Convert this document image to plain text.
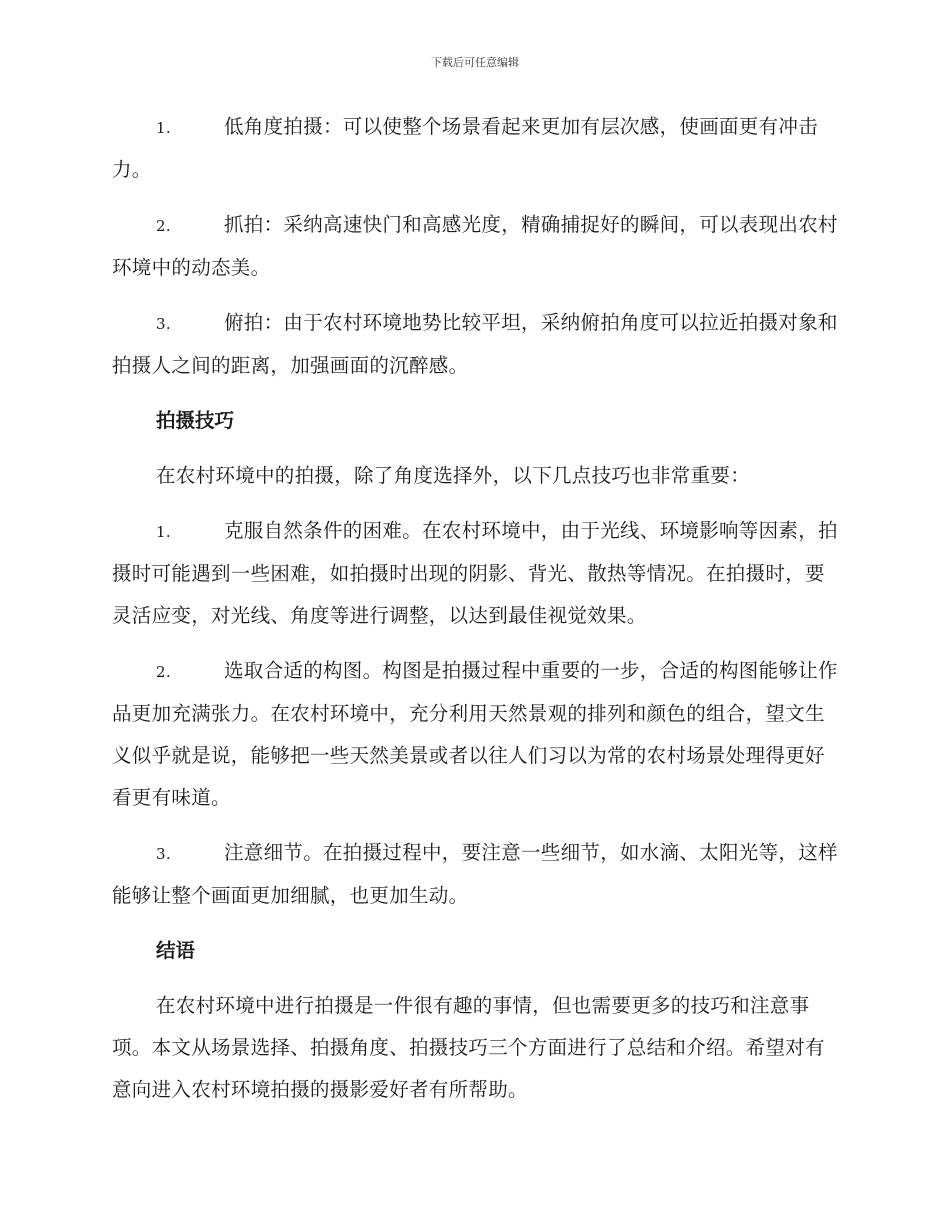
下载后可任意编辑
1.	低角度拍摄：可以使整个场景看起来更加有层次感，使画面更有冲击力。
2.	抓拍：采纳高速快门和高感光度，精确捕捉好的瞬间，可以表现出农村环境中的动态美。
3.	俯拍：由于农村环境地势比较平坦，采纳俯拍角度可以拉近拍摄对象和拍摄人之间的距离，加强画面的沉醉感。
拍摄技巧
在农村环境中的拍摄，除了角度选择外，以下几点技巧也非常重要：
1.	克服自然条件的困难。在农村环境中，由于光线、环境影响等因素，拍摄时可能遇到一些困难，如拍摄时出现的阴影、背光、散热等情况。在拍摄时，要灵活应变，对光线、角度等进行调整，以达到最佳视觉效果。
2.	选取合适的构图。构图是拍摄过程中重要的一步，合适的构图能够让作品更加充满张力。在农村环境中，充分利用天然景观的排列和颜色的组合，望文生义似乎就是说，能够把一些天然美景或者以往人们习以为常的农村场景处理得更好看更有味道。
3.	注意细节。在拍摄过程中，要注意一些细节，如水滴、太阳光等，这样能够让整个画面更加细腻，也更加生动。
结语
在农村环境中进行拍摄是一件很有趣的事情，但也需要更多的技巧和注意事项。本文从场景选择、拍摄角度、拍摄技巧三个方面进行了总结和介绍。希望对有意向进入农村环境拍摄的摄影爱好者有所帮助。
